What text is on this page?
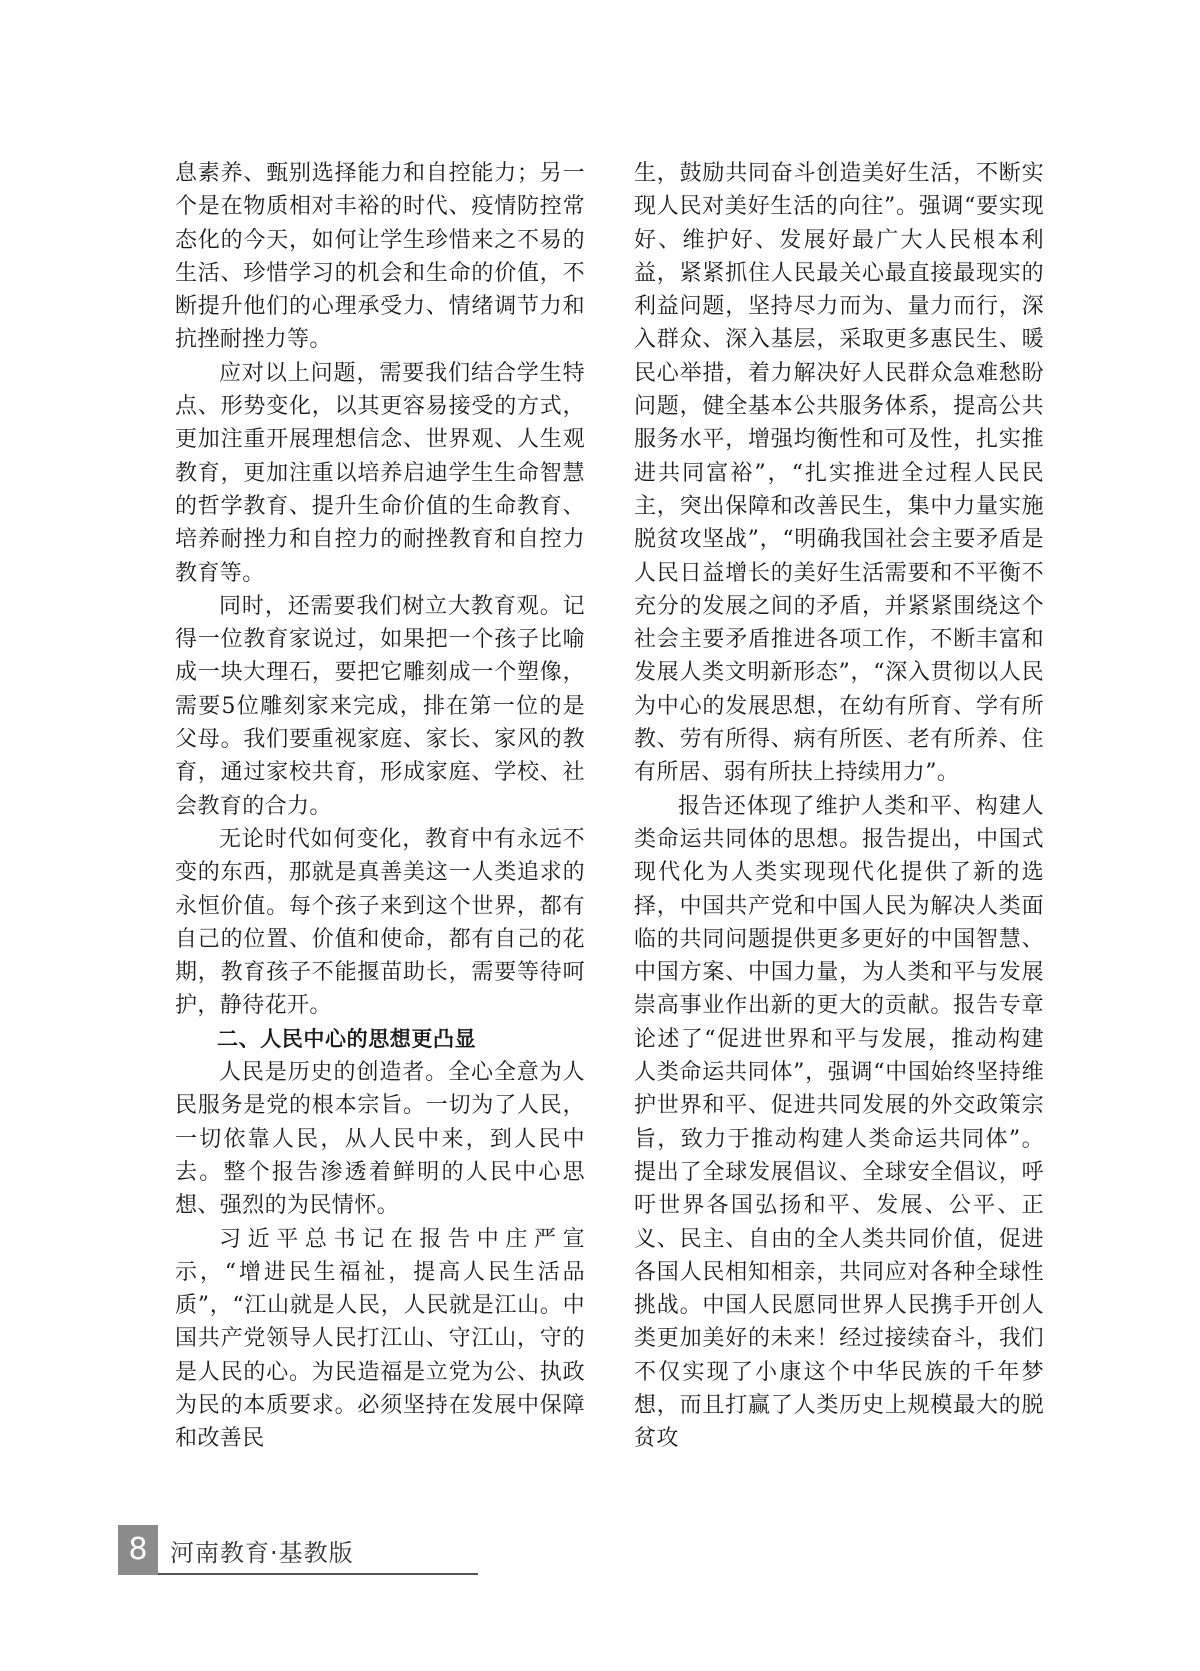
息素养、甄别选择能力和自控能力；另一个是在物质相对丰裕的时代、疫情防控常态化的今天，如何让学生珍惜来之不易的生活、珍惜学习的机会和生命的价值，不断提升他们的心理承受力、情绪调节力和抗挫耐挫力等。

应对以上问题，需要我们结合学生特点、形势变化，以其更容易接受的方式，更加注重开展理想信念、世界观、人生观教育，更加注重以培养启迪学生生命智慧的哲学教育、提升生命价值的生命教育、培养耐挫力和自控力的耐挫教育和自控力教育等。

同时，还需要我们树立大教育观。记得一位教育家说过，如果把一个孩子比喻成一块大理石，要把它雕刻成一个塑像，需要5位雕刻家来完成，排在第一位的是父母。我们要重视家庭、家长、家风的教育，通过家校共育，形成家庭、学校、社会教育的合力。

无论时代如何变化，教育中有永远不变的东西，那就是真善美这一人类追求的永恒价值。每个孩子来到这个世界，都有自己的位置、价值和使命，都有自己的花期，教育孩子不能揠苗助长，需要等待呵护，静待花开。

二、人民中心的思想更凸显

人民是历史的创造者。全心全意为人民服务是党的根本宗旨。一切为了人民，一切依靠人民，从人民中来，到人民中去。整个报告渗透着鲜明的人民中心思想、强烈的为民情怀。

习近平总书记在报告中庄严宣示，“增进民生福祉，提高人民生活品质”，“江山就是人民，人民就是江山。中国共产党领导人民打江山、守江山，守的是人民的心。为民造福是立党为公、执政为民的本质要求。必须坚持在发展中保障和改善民

生，鼓励共同奋斗创造美好生活，不断实现人民对美好生活的向往”。强调“要实现好、维护好、发展好最广大人民根本利益，紧紧抓住人民最关心最直接最现实的利益问题，坚持尽力而为、量力而行，深入群众、深入基层，采取更多惠民生、暖民心举措，着力解决好人民群众急难愁盼问题，健全基本公共服务体系，提高公共服务水平，增强均衡性和可及性，扎实推进共同富裕”，“扎实推进全过程人民民主，突出保障和改善民生，集中力量实施脱贫攻坚战”，“明确我国社会主要矛盾是人民日益增长的美好生活需要和不平衡不充分的发展之间的矛盾，并紧紧围绕这个社会主要矛盾推进各项工作，不断丰富和发展人类文明新形态”，“深入贯彻以人民为中心的发展思想，在幼有所育、学有所教、劳有所得、病有所医、老有所养、住有所居、弱有所扶上持续用力”。

报告还体现了维护人类和平、构建人类命运共同体的思想。报告提出，中国式现代化为人类实现现代化提供了新的选择，中国共产党和中国人民为解决人类面临的共同问题提供更多更好的中国智慧、中国方案、中国力量，为人类和平与发展崇高事业作出新的更大的贡献。报告专章论述了“促进世界和平与发展，推动构建人类命运共同体”，强调“中国始终坚持维护世界和平、促进共同发展的外交政策宗旨，致力于推动构建人类命运共同体”。提出了全球发展倡议、全球安全倡议，呼吁世界各国弘扬和平、发展、公平、正义、民主、自由的全人类共同价值，促进各国人民相知相亲，共同应对各种全球性挑战。中国人民愿同世界人民携手开创人类更加美好的未来！经过接续奋斗，我们不仅实现了小康这个中华民族的千年梦想，而且打赢了人类历史上规模最大的脱贫攻

8 河南教育·基教版
